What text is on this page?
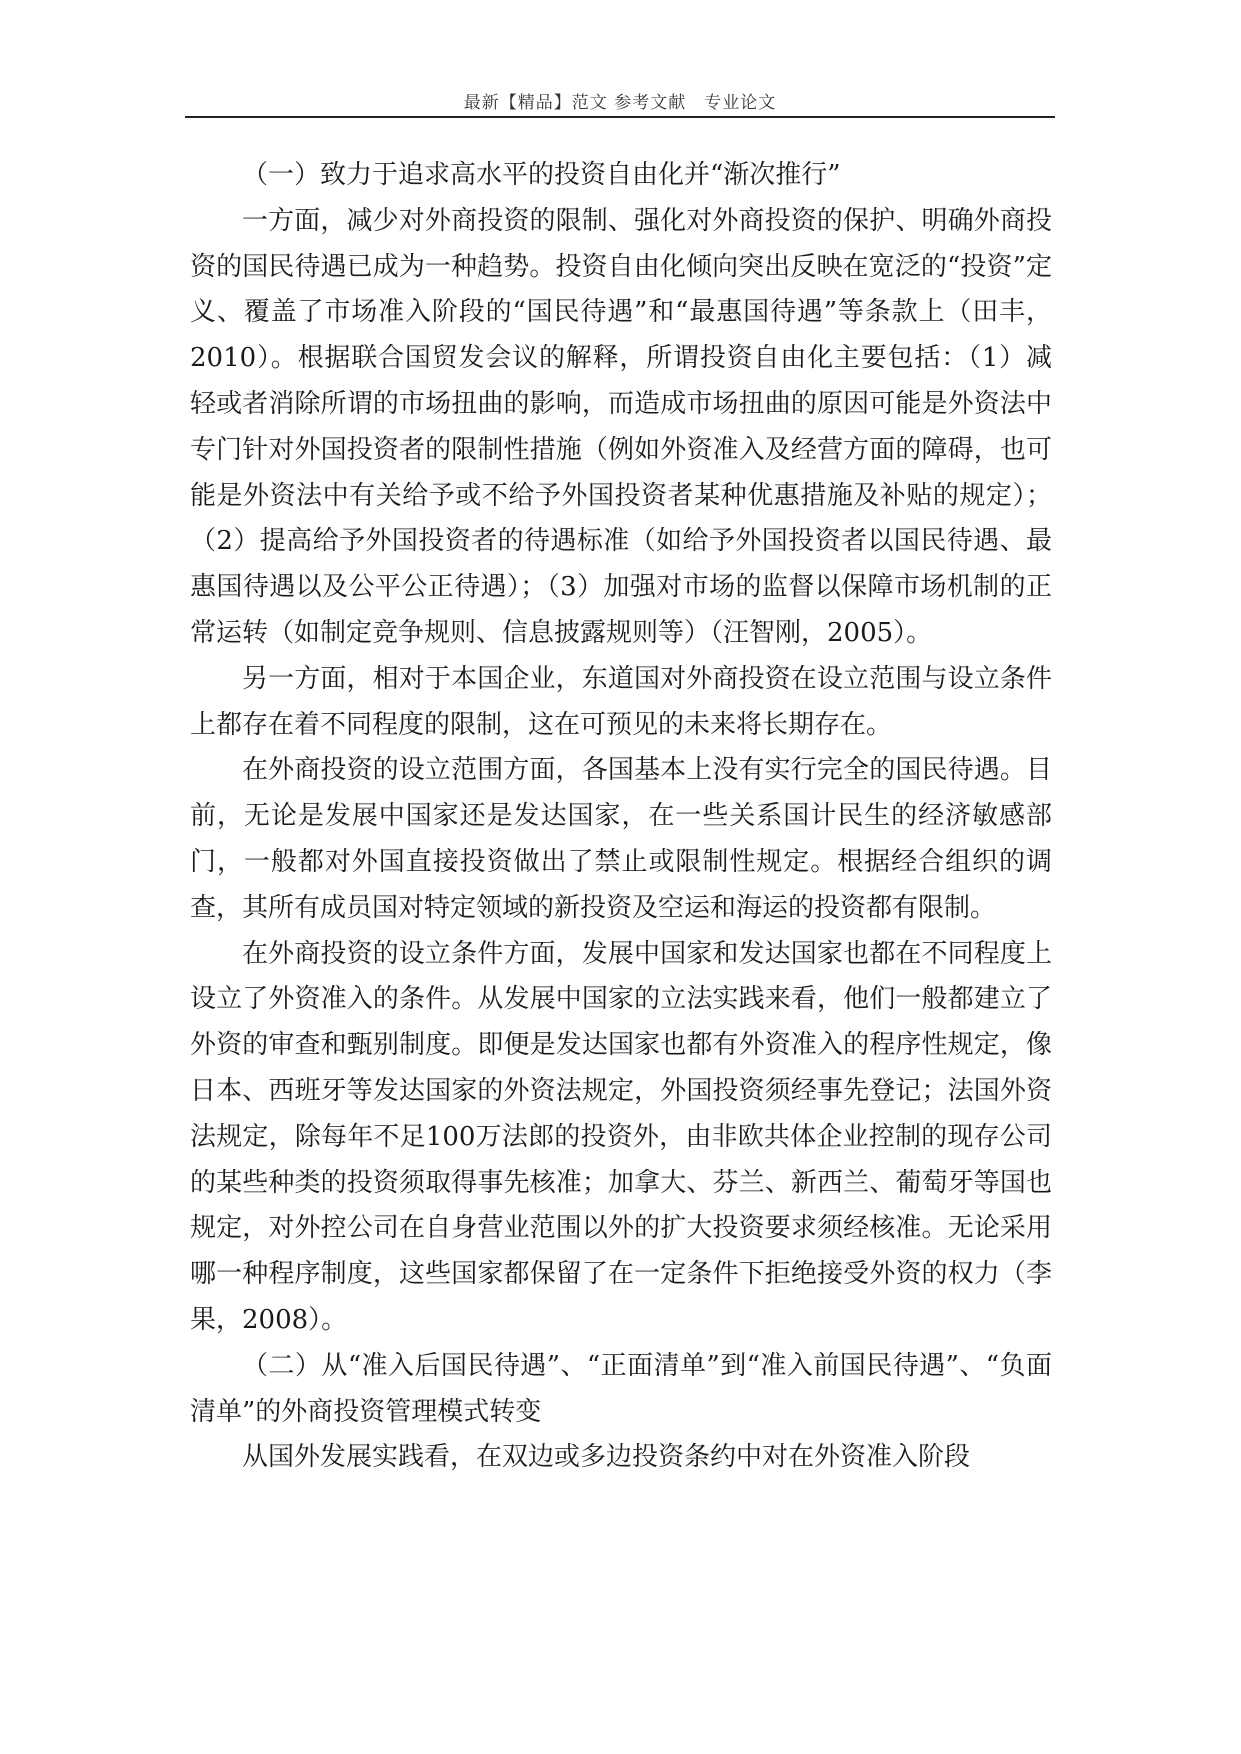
最新【精品】范文 参考文献　专业论文

（一）致力于追求高水平的投资自由化并“渐次推行”

一方面，减少对外商投资的限制、强化对外商投资的保护、明确外商投资的国民待遇已成为一种趋势。投资自由化倾向突出反映在宽泛的“投资”定义、覆盖了市场准入阶段的“国民待遇”和“最惠国待遇”等条款上（田丰，2010）。根据联合国贸发会议的解释，所谓投资自由化主要包括：（1）减轻或者消除所谓的市场扭曲的影响，而造成市场扭曲的原因可能是外资法中专门针对外国投资者的限制性措施（例如外资准入及经营方面的障碍，也可能是外资法中有关给予或不给予外国投资者某种优惠措施及补贴的规定）；（2）提高给予外国投资者的待遇标准（如给予外国投资者以国民待遇、最惠国待遇以及公平公正待遇）；（3）加强对市场的监督以保障市场机制的正常运转（如制定竞争规则、信息披露规则等）（汪智刚，2005）。

另一方面，相对于本国企业，东道国对外商投资在设立范围与设立条件上都存在着不同程度的限制，这在可预见的未来将长期存在。

在外商投资的设立范围方面，各国基本上没有实行完全的国民待遇。目前，无论是发展中国家还是发达国家，在一些关系国计民生的经济敏感部门，一般都对外国直接投资做出了禁止或限制性规定。根据经合组织的调查，其所有成员国对特定领域的新投资及空运和海运的投资都有限制。

在外商投资的设立条件方面，发展中国家和发达国家也都在不同程度上设立了外资准入的条件。从发展中国家的立法实践来看，他们一般都建立了外资的审查和甄别制度。即便是发达国家也都有外资准入的程序性规定，像日本、西班牙等发达国家的外资法规定，外国投资须经事先登记；法国外资法规定，除每年不足100万法郎的投资外，由非欧共体企业控制的现存公司的某些种类的投资须取得事先核准；加拿大、芬兰、新西兰、葡萄牙等国也规定，对外控公司在自身营业范围以外的扩大投资要求须经核准。无论采用哪一种程序制度，这些国家都保留了在一定条件下拒绝接受外资的权力（李果，2008）。

（二）从“准入后国民待遇”、“正面清单”到“准入前国民待遇”、“负面清单”的外商投资管理模式转变

从国外发展实践看，在双边或多边投资条约中对在外资准入阶段
